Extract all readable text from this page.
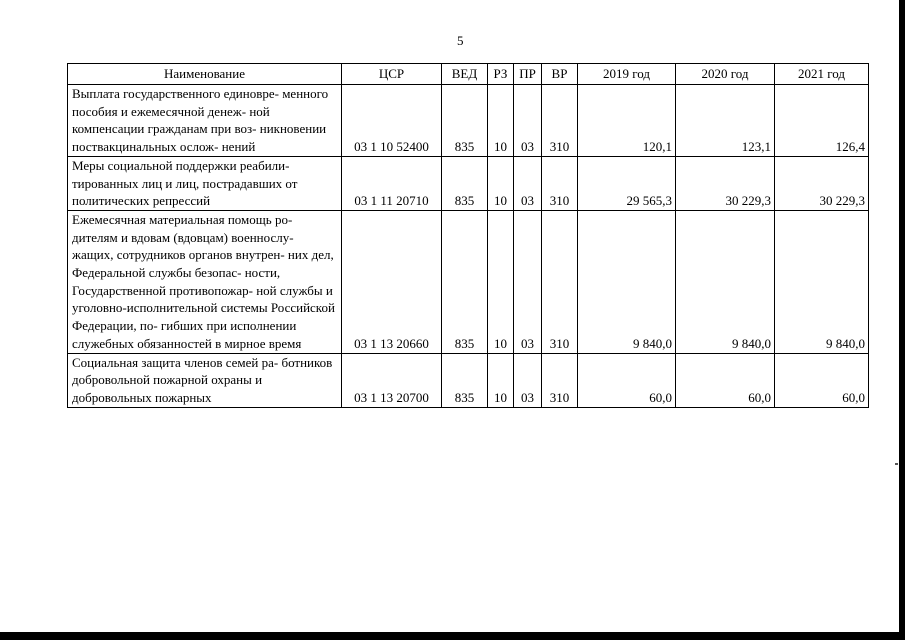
5
Наименование	ЦСР	ВЕД	РЗ	ПР	ВР	2019 год	2020 год	2021 год
Выплата государственного единовре- менного пособия и ежемесячной денеж- ной компенсации гражданам при воз- никновении поствакцинальных ослож- нений	03 1 10 52400	835	10	03	310	120,1	123,1	126,4
Меры социальной поддержки реабили- тированных лиц и лиц, пострадавших от политических репрессий	03 1 11 20710	835	10	03	310	29 565,3	30 229,3	30 229,3
Ежемесячная материальная помощь ро- дителям и вдовам (вдовцам) военнослу- жащих, сотрудников органов внутрен- них дел, Федеральной службы безопас- ности, Государственной противопожар- ной службы и уголовно-исполнительной системы Российской Федерации, по- гибших при исполнении служебных обязанностей в мирное время	03 1 13 20660	835	10	03	310	9 840,0	9 840,0	9 840,0
Социальная защита членов семей ра- ботников добровольной пожарной охраны и добровольных пожарных	03 1 13 20700	835	10	03	310	60,0	60,0	60,0
